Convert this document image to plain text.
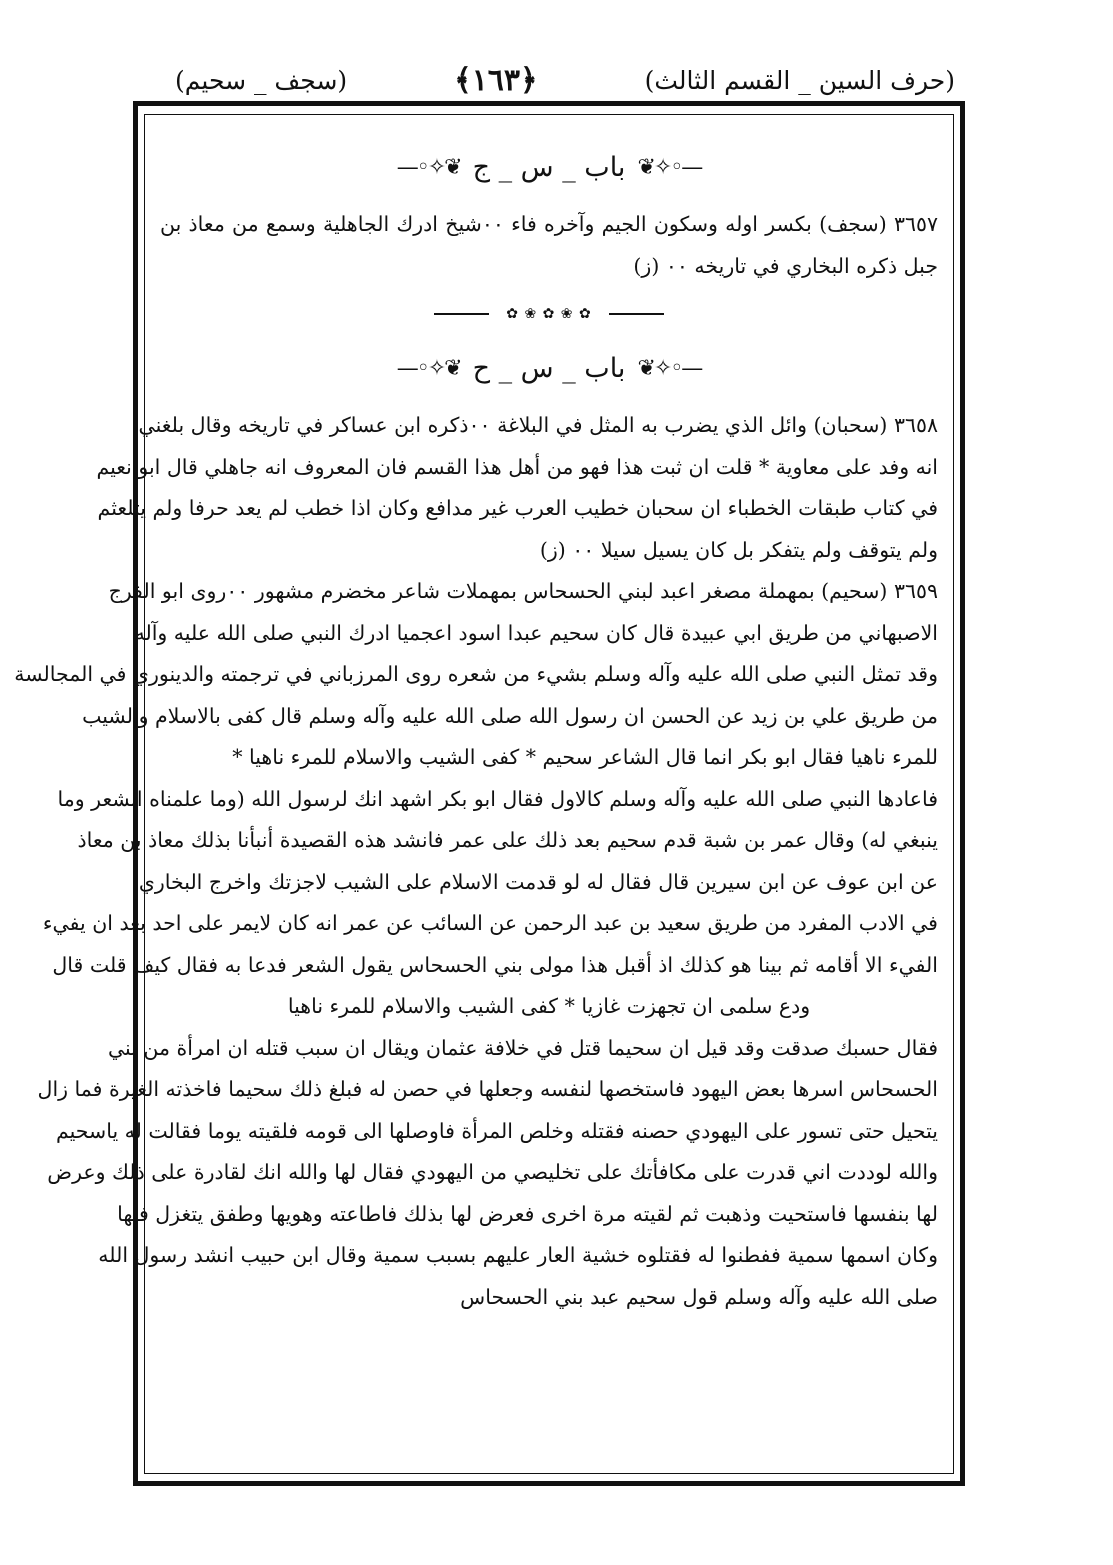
(حرف السين _ القسم الثالث)
﴿١٦٣﴾
(سجف _ سحيم)
—◦✧❦
باب _ س _ ج
❦✧◦—
٣٦٥٧ (سجف) بكسر اوله وسكون الجيم وآخره فاء ٠٠شيخ ادرك الجاهلية وسمع من معاذ بن
جبل ذكره البخاري في تاريخه ٠٠ (ز)
✿ ❀ ✿ ❀ ✿
—◦✧❦
باب _ س _ ح
❦✧◦—
٣٦٥٨ (سحبان) وائل الذي يضرب به المثل في البلاغة ٠٠ذكره ابن عساكر في تاريخه وقال بلغني
انه وفد على معاوية * قلت ان ثبت هذا فهو من أهل هذا القسم فان المعروف انه جاهلي قال ابو نعيم
في كتاب طبقات الخطباء ان سحبان خطيب العرب غير مدافع وكان اذا خطب لم يعد حرفا ولم يتلعثم
ولم يتوقف ولم يتفكر بل كان يسيل سيلا ٠٠ (ز)
٣٦٥٩ (سحيم) بمهملة مصغر اعبد لبني الحسحاس بمهملات شاعر مخضرم مشهور ٠٠روى ابو الفرج
الاصبهاني من طريق ابي عبيدة قال كان سحيم عبدا اسود اعجميا ادرك النبي صلى الله عليه وآله
وقد تمثل النبي صلى الله عليه وآله وسلم بشيء من شعره روى المرزباني في ترجمته والدينوري في المجالسة
من طريق علي بن زيد عن الحسن ان رسول الله صلى الله عليه وآله وسلم قال كفى بالاسلام والشيب
للمرء ناهيا فقال ابو بكر انما قال الشاعر سحيم * كفى الشيب والاسلام للمرء ناهيا *
فاعادها النبي صلى الله عليه وآله وسلم كالاول فقال ابو بكر اشهد انك لرسول الله (وما علمناه الشعر وما
ينبغي له) وقال عمر بن شبة قدم سحيم بعد ذلك على عمر فانشد هذه القصيدة أنبأنا بذلك معاذ بن معاذ
عن ابن عوف عن ابن سيرين قال فقال له لو قدمت الاسلام على الشيب لاجزتك واخرج البخاري
في الادب المفرد من طريق سعيد بن عبد الرحمن عن السائب عن عمر انه كان لايمر على احد بعد ان يفيء
الفيء الا أقامه ثم بينا هو كذلك اذ أقبل هذا مولى بني الحسحاس يقول الشعر فدعا به فقال كيف قلت قال
ودع سلمى ان تجهزت غازيا * كفى الشيب والاسلام للمرء ناهيا
فقال حسبك صدقت وقد قيل ان سحيما قتل في خلافة عثمان ويقال ان سبب قتله ان امرأة من بني
الحسحاس اسرها بعض اليهود فاستخصها لنفسه وجعلها في حصن له فبلغ ذلك سحيما فاخذته الغيرة فما زال
يتحيل حتى تسور على اليهودي حصنه فقتله وخلص المرأة فاوصلها الى قومه فلقيته يوما فقالت له ياسحيم
والله لوددت اني قدرت على مكافأتك على تخليصي من اليهودي فقال لها والله انك لقادرة على ذلك وعرض
لها بنفسها فاستحيت وذهبت ثم لقيته مرة اخرى فعرض لها بذلك فاطاعته وهويها وطفق يتغزل فيها
وكان اسمها سمية ففطنوا له فقتلوه خشية العار عليهم بسبب سمية وقال ابن حبيب انشد رسول الله
صلى الله عليه وآله وسلم قول سحيم عبد بني الحسحاس
